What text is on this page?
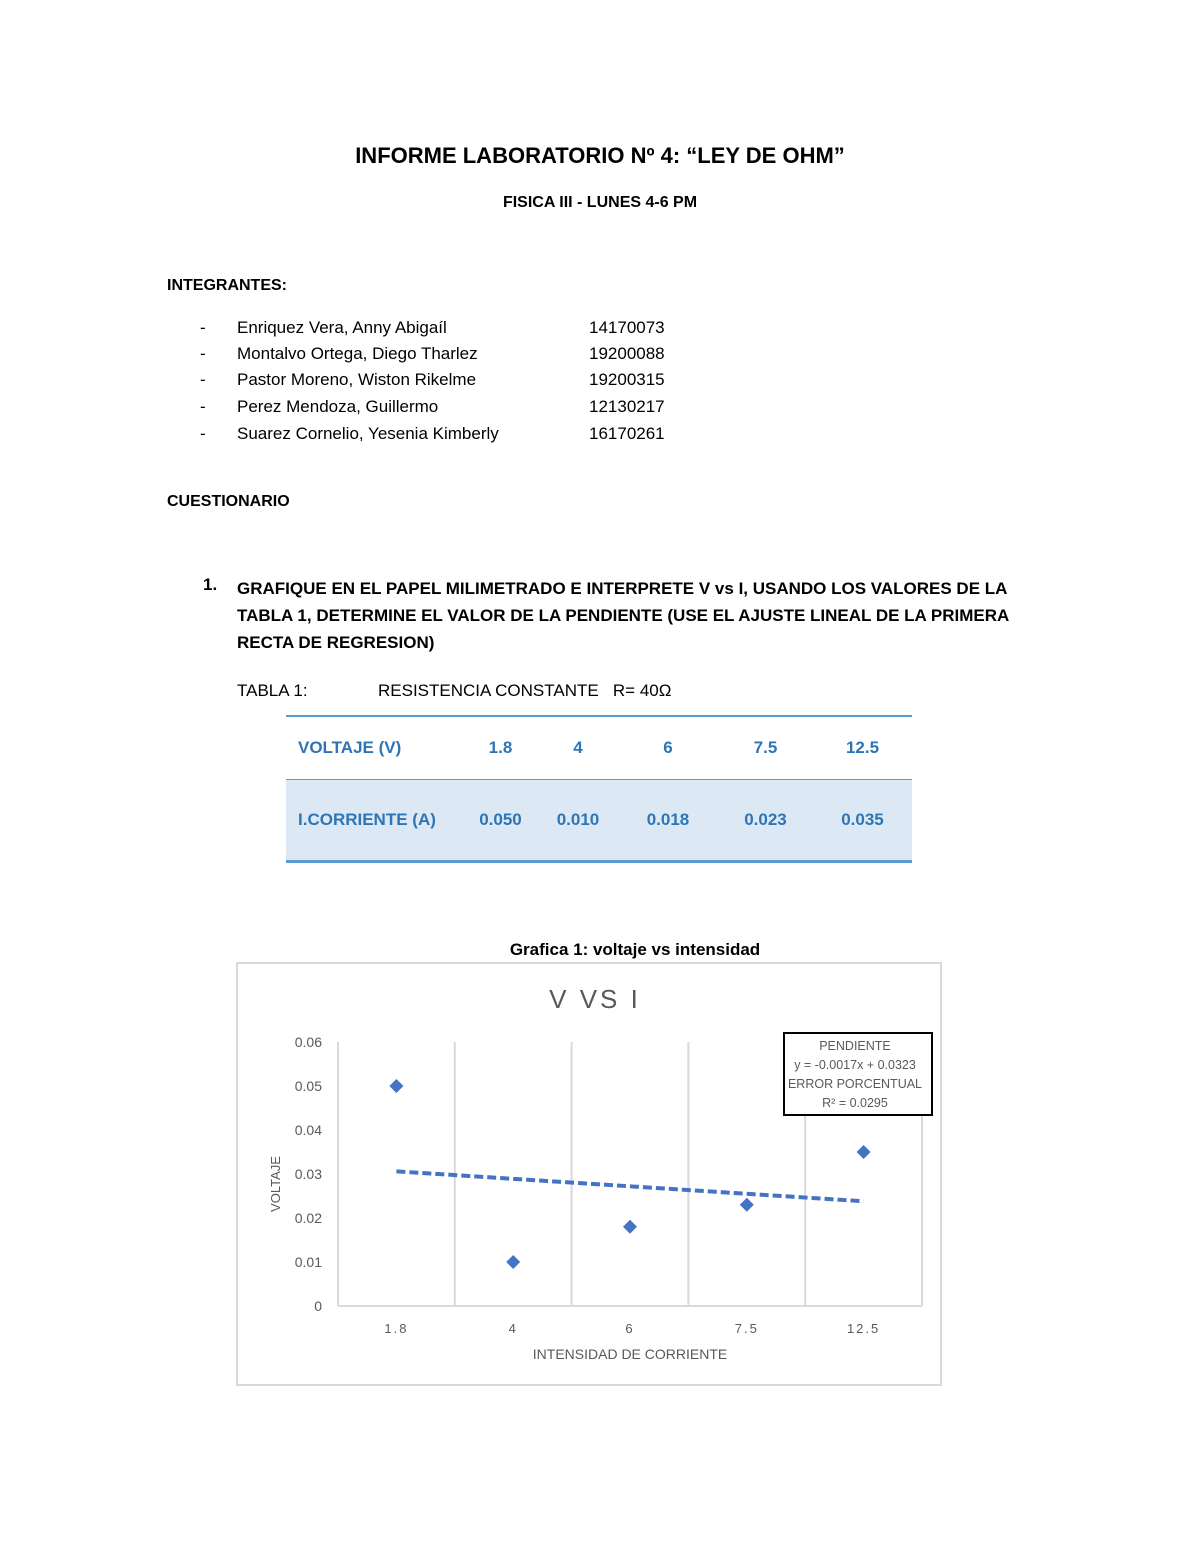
INFORME LABORATORIO Nº 4: “LEY DE OHM”
FISICA III - LUNES 4-6 PM
INTEGRANTES:
- Enriquez Vera, Anny Abigaíl	14170073
- Montalvo Ortega, Diego Tharlez	19200088
- Pastor Moreno, Wiston Rikelme	19200315
- Perez Mendoza, Guillermo	12130217
- Suarez Cornelio, Yesenia Kimberly	16170261
CUESTIONARIO
1. GRAFIQUE EN EL PAPEL MILIMETRADO E INTERPRETE V vs I, USANDO LOS VALORES DE LA TABLA 1, DETERMINE EL VALOR DE LA PENDIENTE (USE EL AJUSTE LINEAL DE LA PRIMERA RECTA DE REGRESION)
TABLA 1:	RESISTENCIA CONSTANTE   R= 40Ω
VOLTAJE (V)	1.8	4	6	7.5	12.5
I.CORRIENTE (A)	0.050	0.010	0.018	0.023	0.035
Grafica 1: voltaje vs intensidad
V VS I
0
0.01
0.02
0.03
0.04
0.05
0.06
1.8	4	6	7.5	12.5
INTENSIDAD DE CORRIENTE
VOLTAJE
PENDIENTE
y = -0.0017x + 0.0323
ERROR PORCENTUAL
R² = 0.0295
